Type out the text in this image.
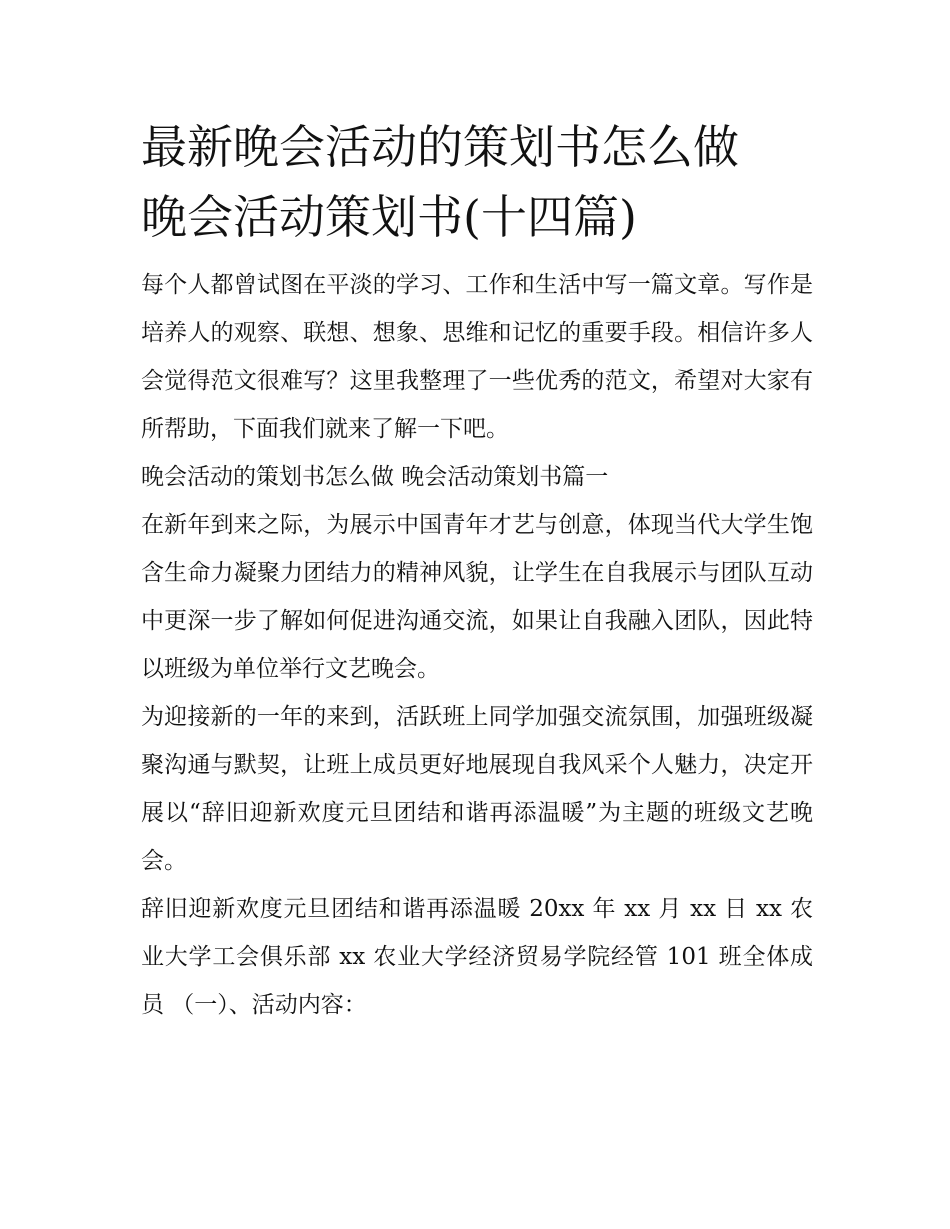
最新晚会活动的策划书怎么做
晚会活动策划书(十四篇)

每个人都曾试图在平淡的学习、工作和生活中写一篇文章。写作是培养人的观察、联想、想象、思维和记忆的重要手段。相信许多人会觉得范文很难写？这里我整理了一些优秀的范文，希望对大家有所帮助，下面我们就来了解一下吧。

晚会活动的策划书怎么做 晚会活动策划书篇一

在新年到来之际，为展示中国青年才艺与创意，体现当代大学生饱含生命力凝聚力团结力的精神风貌，让学生在自我展示与团队互动中更深一步了解如何促进沟通交流，如果让自我融入团队，因此特以班级为单位举行文艺晚会。

为迎接新的一年的来到，活跃班上同学加强交流氛围，加强班级凝聚沟通与默契，让班上成员更好地展现自我风采个人魅力，决定开展以“辞旧迎新欢度元旦团结和谐再添温暖”为主题的班级文艺晚会。

辞旧迎新欢度元旦团结和谐再添温暖 20xx 年 xx 月 xx 日 xx 农业大学工会俱乐部 xx 农业大学经济贸易学院经管 101 班全体成员 （一）、活动内容：
